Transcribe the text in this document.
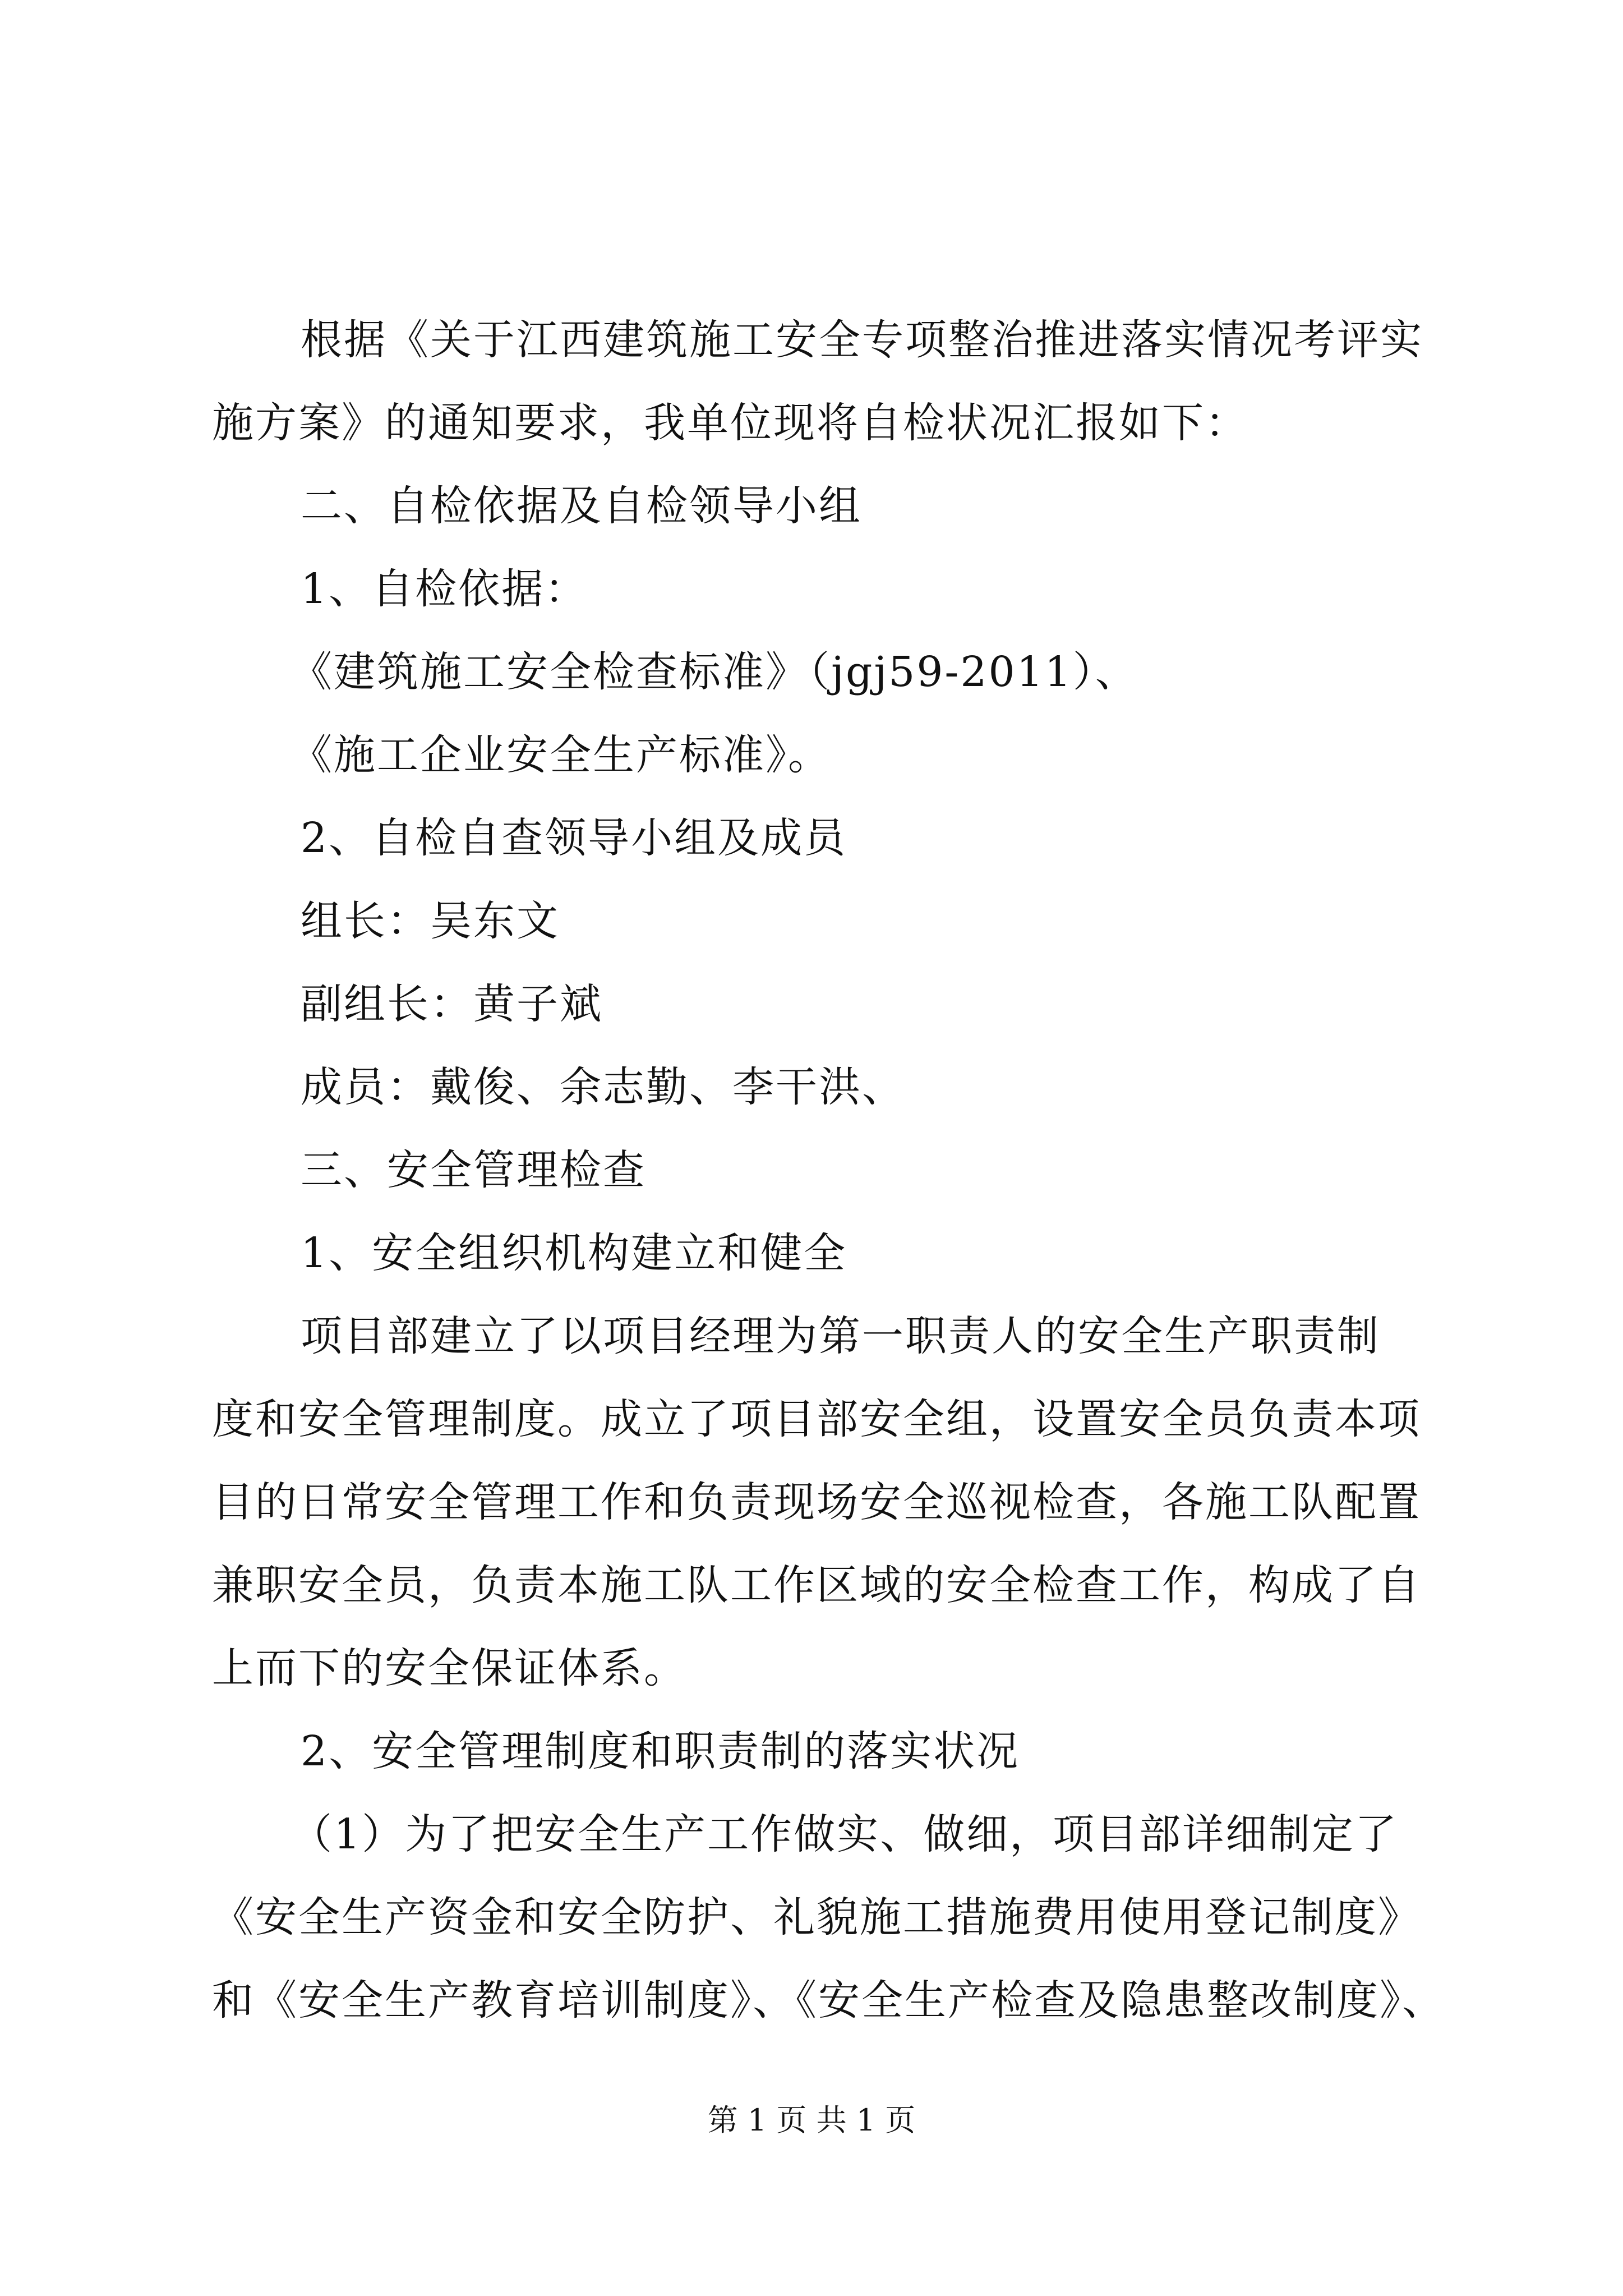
根据《关于江西建筑施工安全专项整治推进落实情况考评实
施方案》的通知要求，我单位现将自检状况汇报如下：
二、自检依据及自检领导小组
1、自检依据：
《建筑施工安全检查标准》（jgj59-2011）、
《施工企业安全生产标准》。
2、自检自查领导小组及成员
组长：吴东文
副组长：黄子斌
成员：戴俊、余志勤、李干洪、
三、安全管理检查
1、安全组织机构建立和健全
项目部建立了以项目经理为第一职责人的安全生产职责制
度和安全管理制度。成立了项目部安全组，设置安全员负责本项
目的日常安全管理工作和负责现场安全巡视检查，各施工队配置
兼职安全员，负责本施工队工作区域的安全检查工作，构成了自
上而下的安全保证体系。
2、安全管理制度和职责制的落实状况
（1）为了把安全生产工作做实、做细，项目部详细制定了
《安全生产资金和安全防护、礼貌施工措施费用使用登记制度》
和《安全生产教育培训制度》、《安全生产检查及隐患整改制度》、
第 1 页 共 1 页
